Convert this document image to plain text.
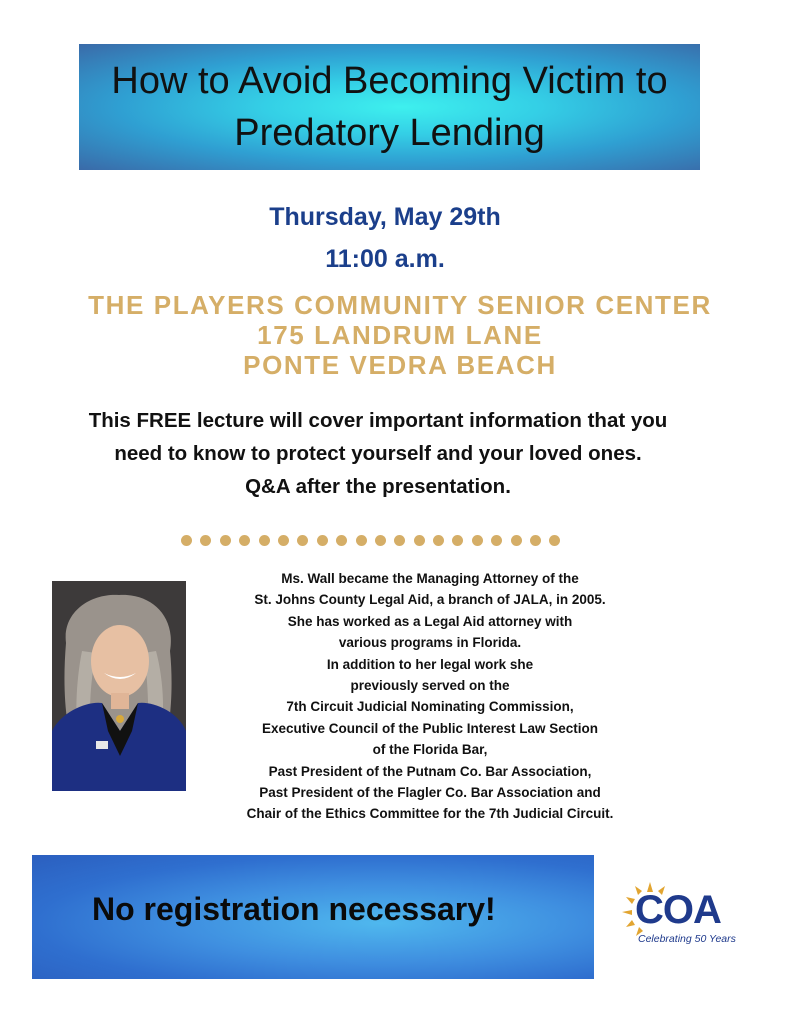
How to Avoid Becoming Victim to
Predatory Lending
Thursday, May 29th
11:00 a.m.
THE PLAYERS COMMUNITY SENIOR CENTER
175 LANDRUM LANE
PONTE VEDRA BEACH
This FREE lecture will cover important information that you
need to know to protect yourself and your loved ones.
Q&A after the presentation.
Ms. Wall became the Managing Attorney of the
St. Johns County Legal Aid, a branch of JALA, in 2005.
She has worked as a Legal Aid attorney with
various programs in Florida.
In addition to her legal work she
previously served on the
7th Circuit Judicial Nominating Commission,
Executive Council of the Public Interest Law Section
of the Florida Bar,
Past President of the Putnam Co. Bar Association,
Past President of the Flagler Co. Bar Association and
Chair of the Ethics Committee for the 7th Judicial Circuit.
No registration necessary!	COA
Celebrating 50 Years
